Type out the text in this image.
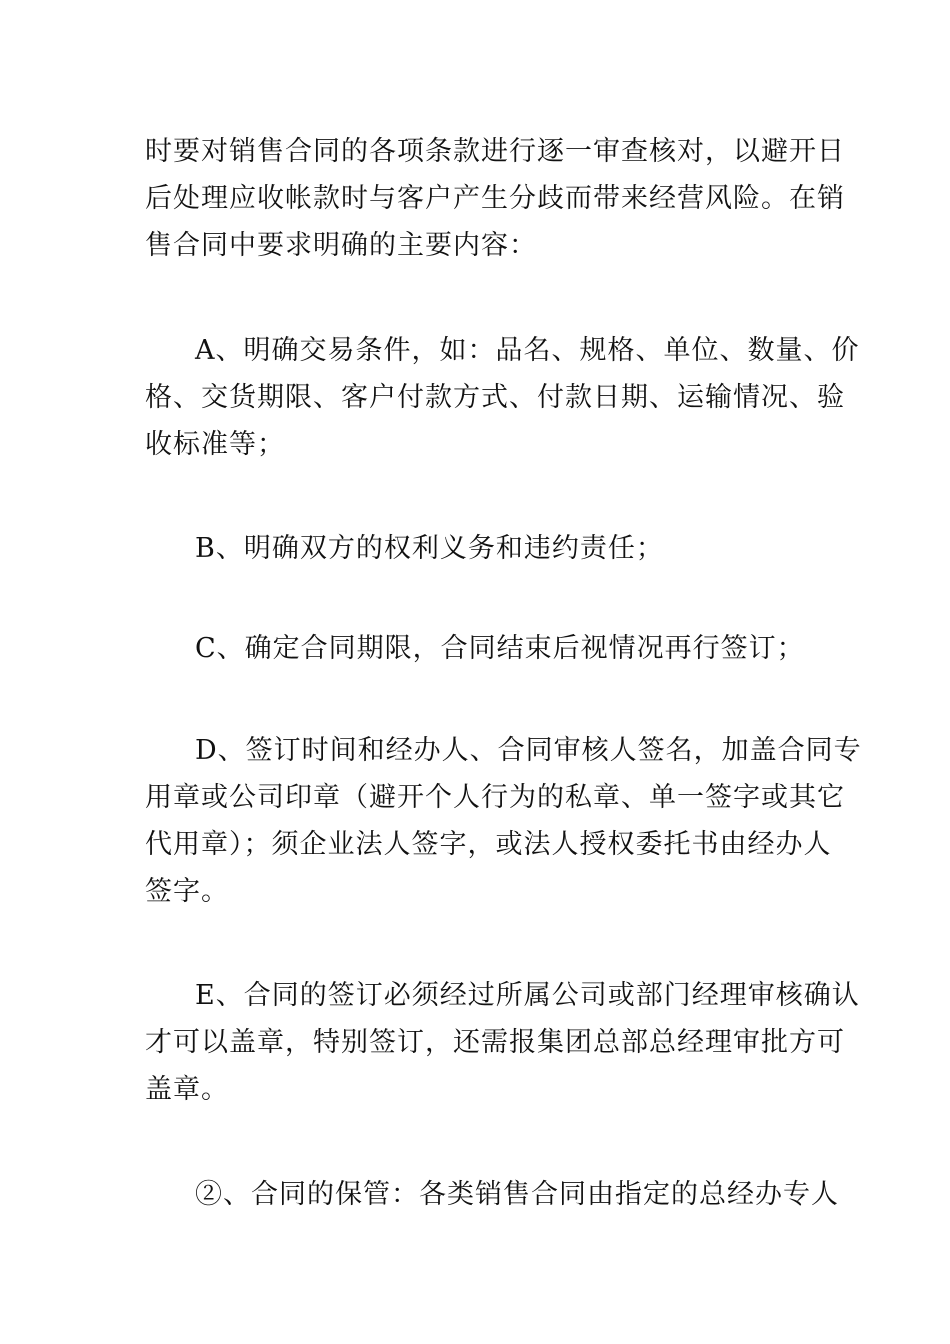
时要对销售合同的各项条款进行逐一审查核对，以避开日
后处理应收帐款时与客户产生分歧而带来经营风险。在销
售合同中要求明确的主要内容：
A、明确交易条件，如：品名、规格、单位、数量、价
格、交货期限、客户付款方式、付款日期、运输情况、验
收标准等；
B、明确双方的权利义务和违约责任；
C、确定合同期限，合同结束后视情况再行签订；
D、签订时间和经办人、合同审核人签名，加盖合同专
用章或公司印章（避开个人行为的私章、单一签字或其它
代用章）；须企业法人签字，或法人授权委托书由经办人
签字。
E、合同的签订必须经过所属公司或部门经理审核确认
才可以盖章，特别签订，还需报集团总部总经理审批方可
盖章。
②、合同的保管：各类销售合同由指定的总经办专人
